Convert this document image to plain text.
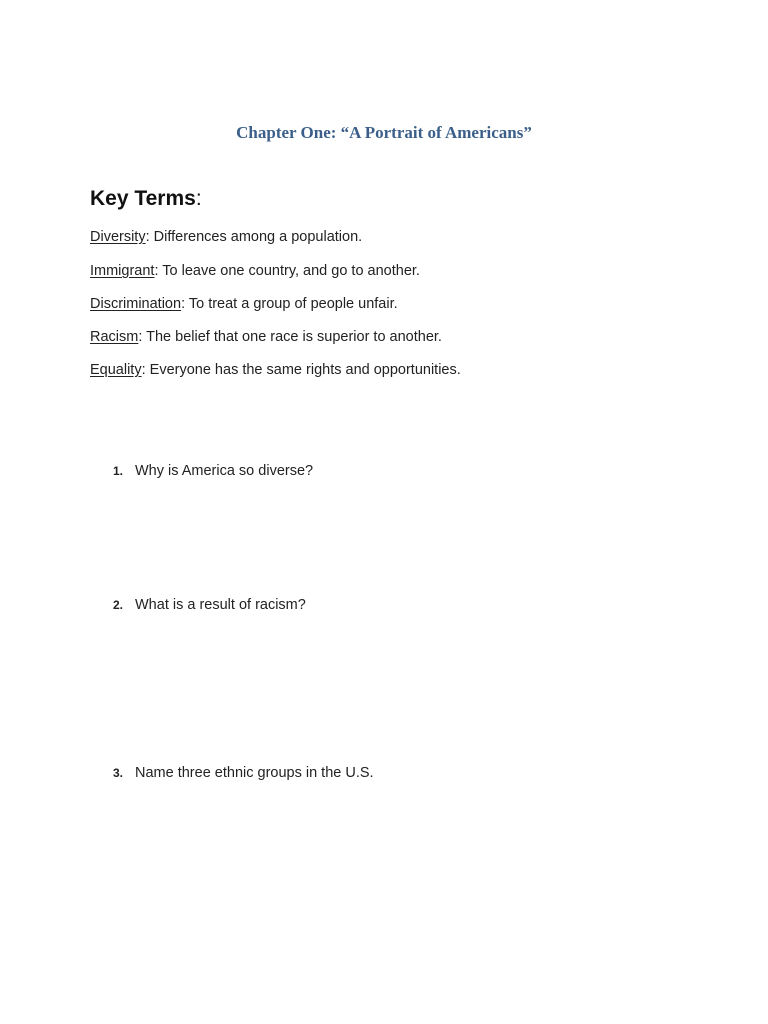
Chapter One: “A Portrait of Americans”
Key Terms:
Diversity: Differences among a population.
Immigrant: To leave one country, and go to another.
Discrimination: To treat a group of people unfair.
Racism: The belief that one race is superior to another.
Equality: Everyone has the same rights and opportunities.
1. Why is America so diverse?
2. What is a result of racism?
3. Name three ethnic groups in the U.S.
